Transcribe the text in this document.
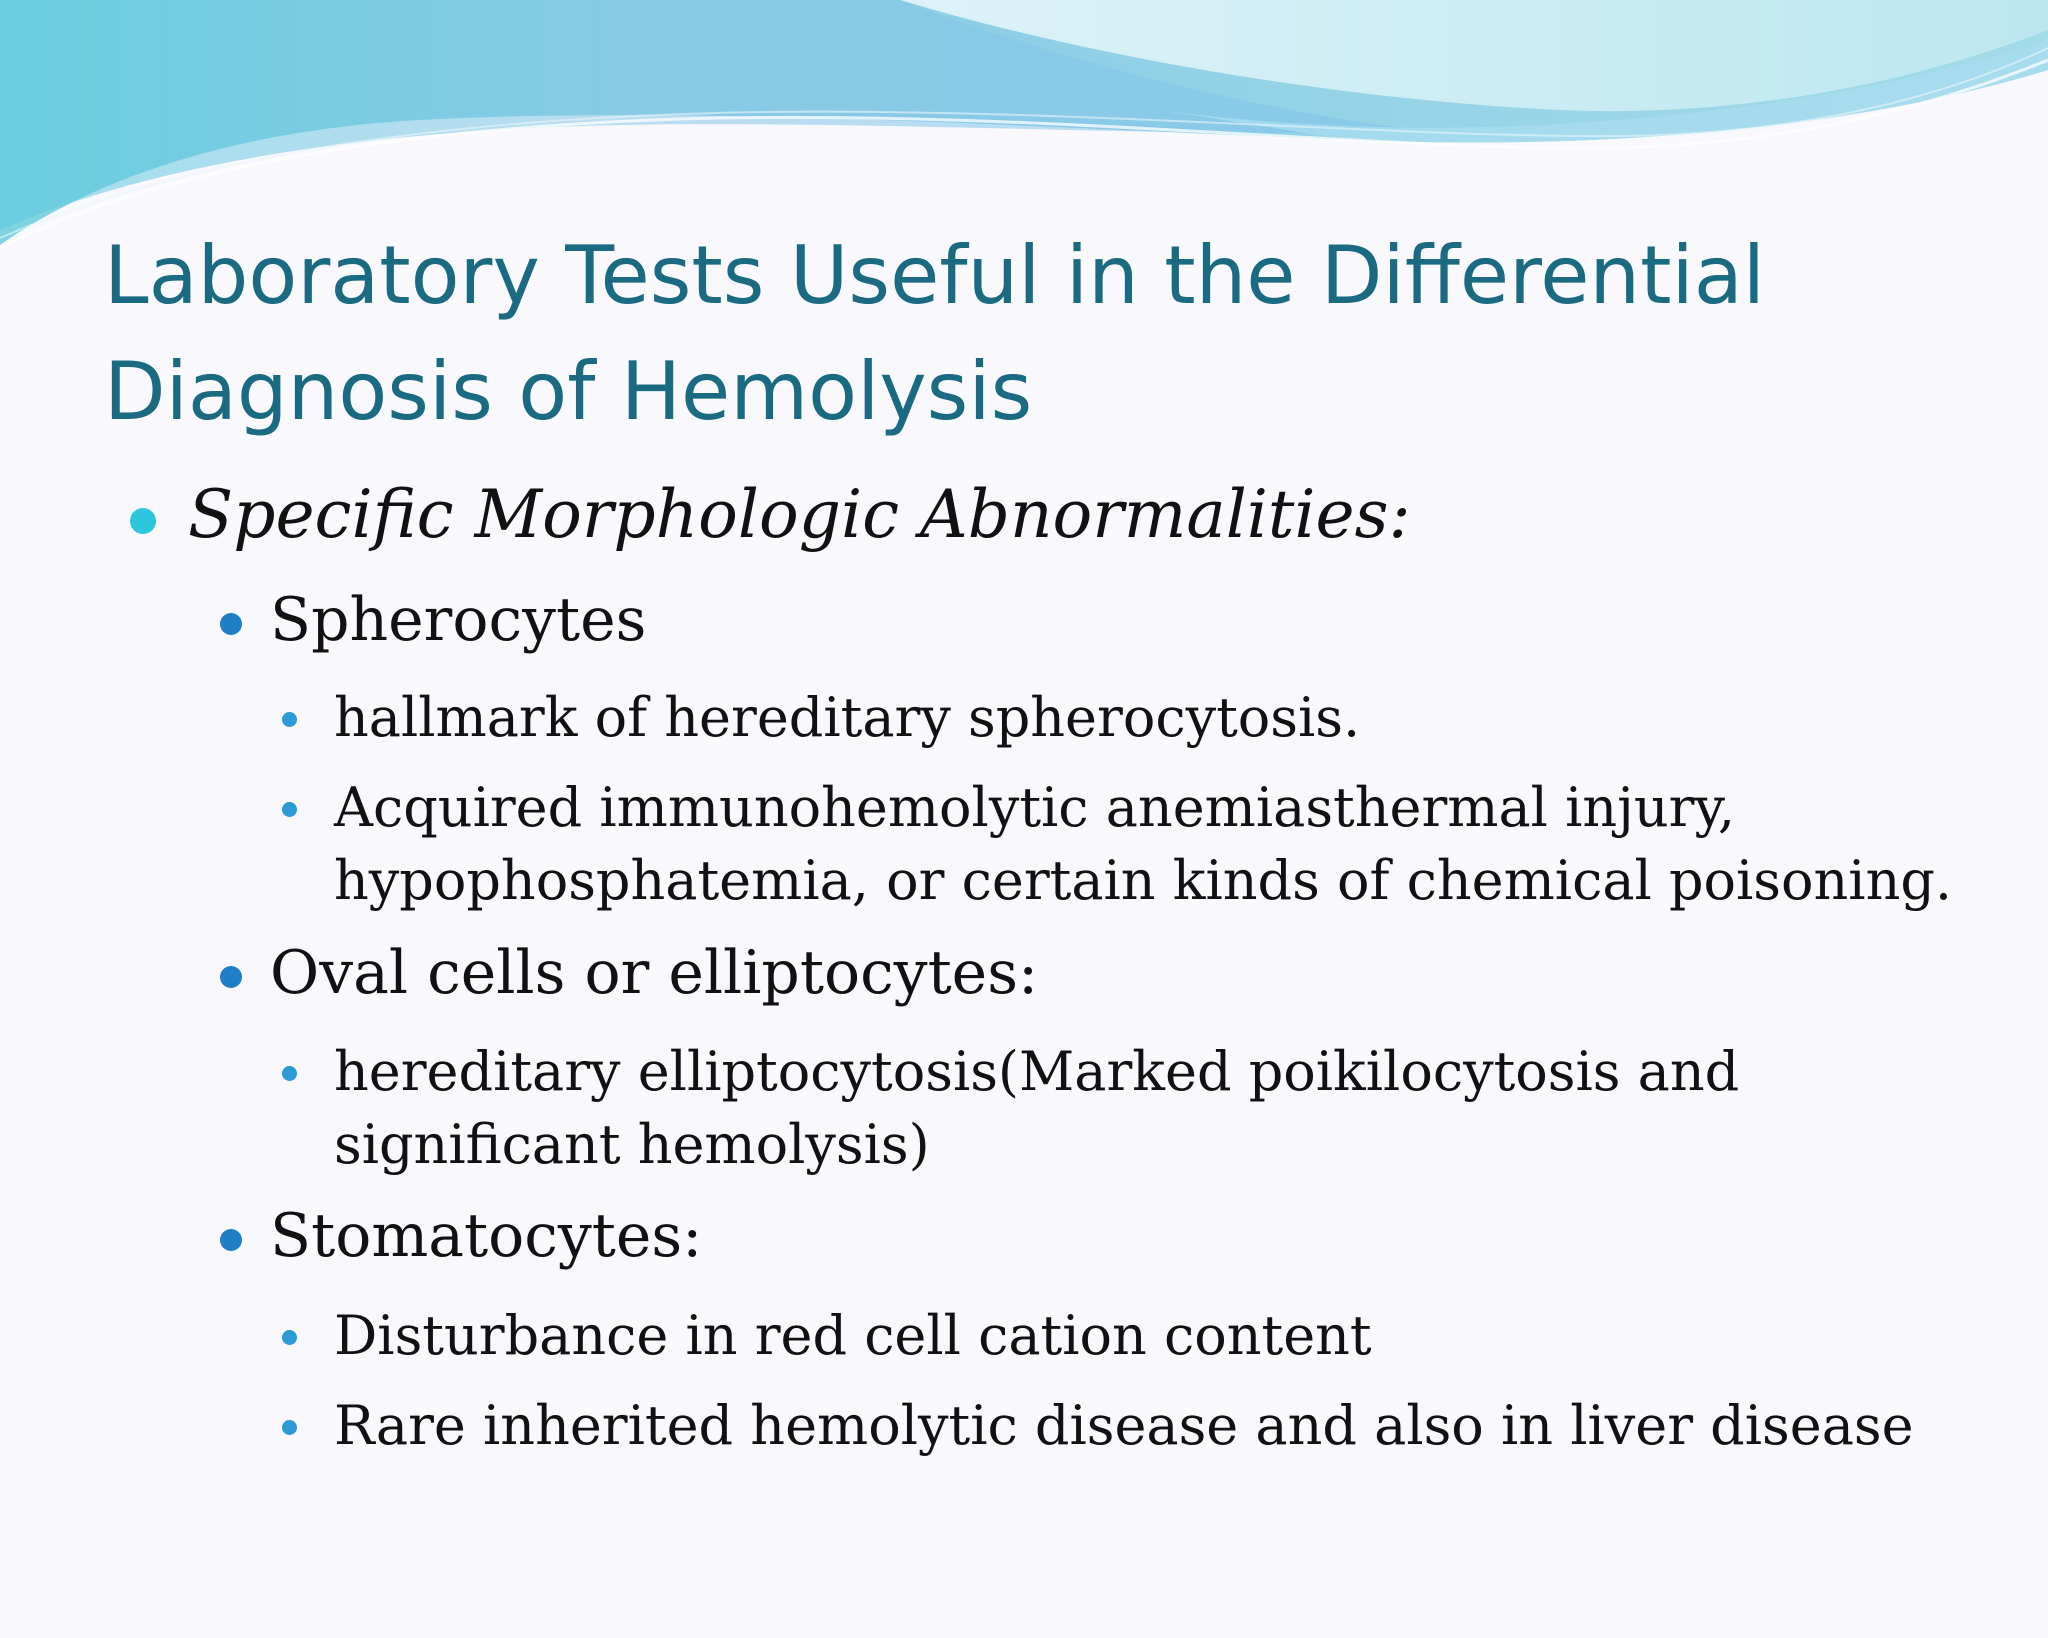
Laboratory Tests Useful in the Differential
Diagnosis of Hemolysis
Specific Morphologic Abnormalities:
Spherocytes
hallmark of hereditary spherocytosis.
Acquired immunohemolytic anemiasthermal injury,
hypophosphatemia, or certain kinds of chemical poisoning.
Oval cells or elliptocytes:
hereditary elliptocytosis(Marked poikilocytosis and
significant hemolysis)
Stomatocytes:
Disturbance in red cell cation content
Rare inherited hemolytic disease and also in liver disease
